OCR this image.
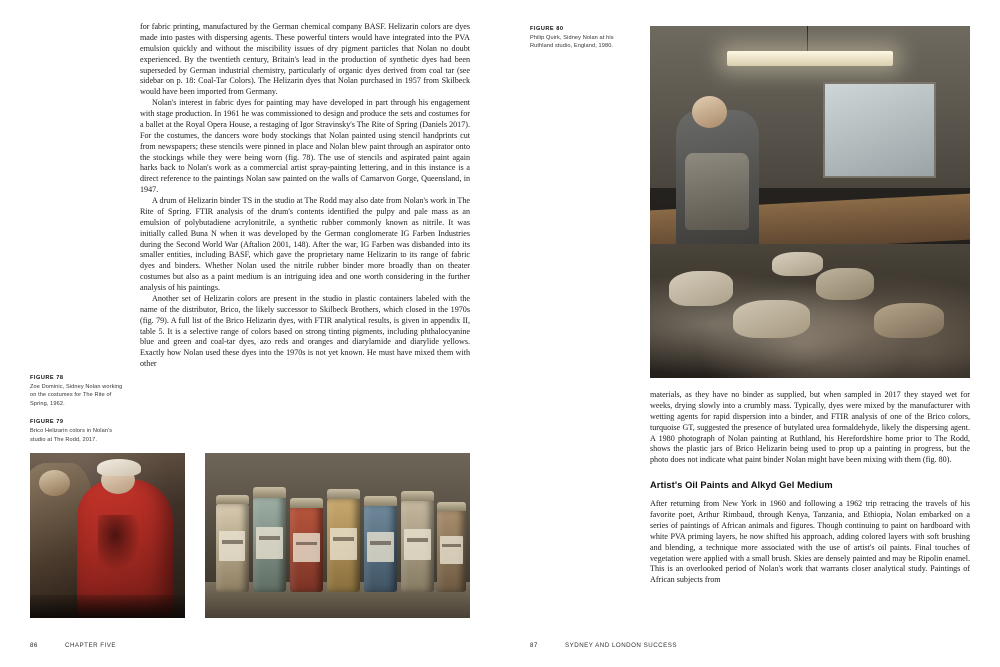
for fabric printing, manufactured by the German chemical company BASF. Helizarin colors are dyes made into pastes with dispersing agents. These powerful tinters would have integrated into the PVA emulsion quickly and without the miscibility issues of dry pigment particles that Nolan no doubt experienced. By the twentieth century, Britain's lead in the production of synthetic dyes had been superseded by German industrial chemistry, particularly of organic dyes derived from coal tar (see sidebar on p. 18: Coal-Tar Colors). The Helizarin dyes that Nolan purchased in 1957 from Skilbeck would have been imported from Germany.

Nolan's interest in fabric dyes for painting may have developed in part through his engagement with stage production. In 1961 he was commissioned to design and produce the sets and costumes for a ballet at the Royal Opera House, a restaging of Igor Stravinsky's The Rite of Spring (Daniels 2017). For the costumes, the dancers wore body stockings that Nolan painted using stencil handprints cut from newspapers; these stencils were pinned in place and Nolan blew paint through an aspirator onto the stockings while they were being worn (fig. 78). The use of stencils and aspirated paint again harks back to Nolan's work as a commercial artist spray-painting lettering, and in this instance is a direct reference to the paintings Nolan saw painted on the walls of Carnarvon Gorge, Queensland, in 1947.

A drum of Helizarin binder TS in the studio at The Rodd may also date from Nolan's work in The Rite of Spring. FTIR analysis of the drum's contents identified the pulpy and pale mass as an emulsion of polybutadiene acrylonitrile, a synthetic rubber commonly known as nitrile. It was initially called Buna N when it was developed by the German conglomerate IG Farben Industries during the Second World War (Aftalion 2001, 148). After the war, IG Farben was disbanded into its smaller entities, including BASF, which gave the proprietary name Helizarin to its range of fabric dyes and binders. Whether Nolan used the nitrile rubber binder more broadly than on theater costumes but also as a paint medium is an intriguing idea and one worth considering in the further analysis of his paintings.

Another set of Helizarin colors are present in the studio in plastic containers labeled with the name of the distributor, Brico, the likely successor to Skilbeck Brothers, which closed in the 1970s (fig. 79). A full list of the Brico Helizarin dyes, with FTIR analytical results, is given in appendix II, table 5. It is a selective range of colors based on strong tinting pigments, including phthalocyanine blue and green and coal-tar dyes, azo reds and oranges and diarylamide and diarylide yellows. Exactly how Nolan used these dyes into the 1970s is not yet known. He must have mixed them with other

FIGURE 78
Zoe Dominic, Sidney Nolan working on the costumes for The Rite of Spring, 1962.
FIGURE 79
Brico Helizarin colors in Nolan's studio at The Rodd, 2017.
86	CHAPTER FIVE
FIGURE 80
Philip Quirk, Sidney Nolan at his Ruthland studio, England, 1980.

materials, as they have no binder as supplied, but when sampled in 2017 they stayed wet for weeks, drying slowly into a crumbly mass. Typically, dyes were mixed by the manufacturer with wetting agents for rapid dispersion into a binder, and FTIR analysis of one of the Brico colors, turquoise GT, suggested the presence of butylated urea formaldehyde, likely the dispersing agent. A 1980 photograph of Nolan painting at Ruthland, his Herefordshire home prior to The Rodd, shows the plastic jars of Brico Helizarin being used to prop up a painting in progress, but the photo does not indicate what paint binder Nolan might have been mixing with them (fig. 80).

Artist's Oil Paints and Alkyd Gel Medium

After returning from New York in 1960 and following a 1962 trip retracing the travels of his favorite poet, Arthur Rimbaud, through Kenya, Tanzania, and Ethiopia, Nolan embarked on a series of paintings of African animals and figures. Though continuing to paint on hardboard with white PVA priming layers, he now shifted his approach, adding colored layers with soft brushing and blending, a technique more associated with the use of artist's oil paints. Final touches of vegetation were applied with a small brush. Skies are densely painted and may be Ripolin enamel. This is an overlooked period of Nolan's work that warrants closer analytical study. Paintings of African subjects from

87	SYDNEY AND LONDON SUCCESS
